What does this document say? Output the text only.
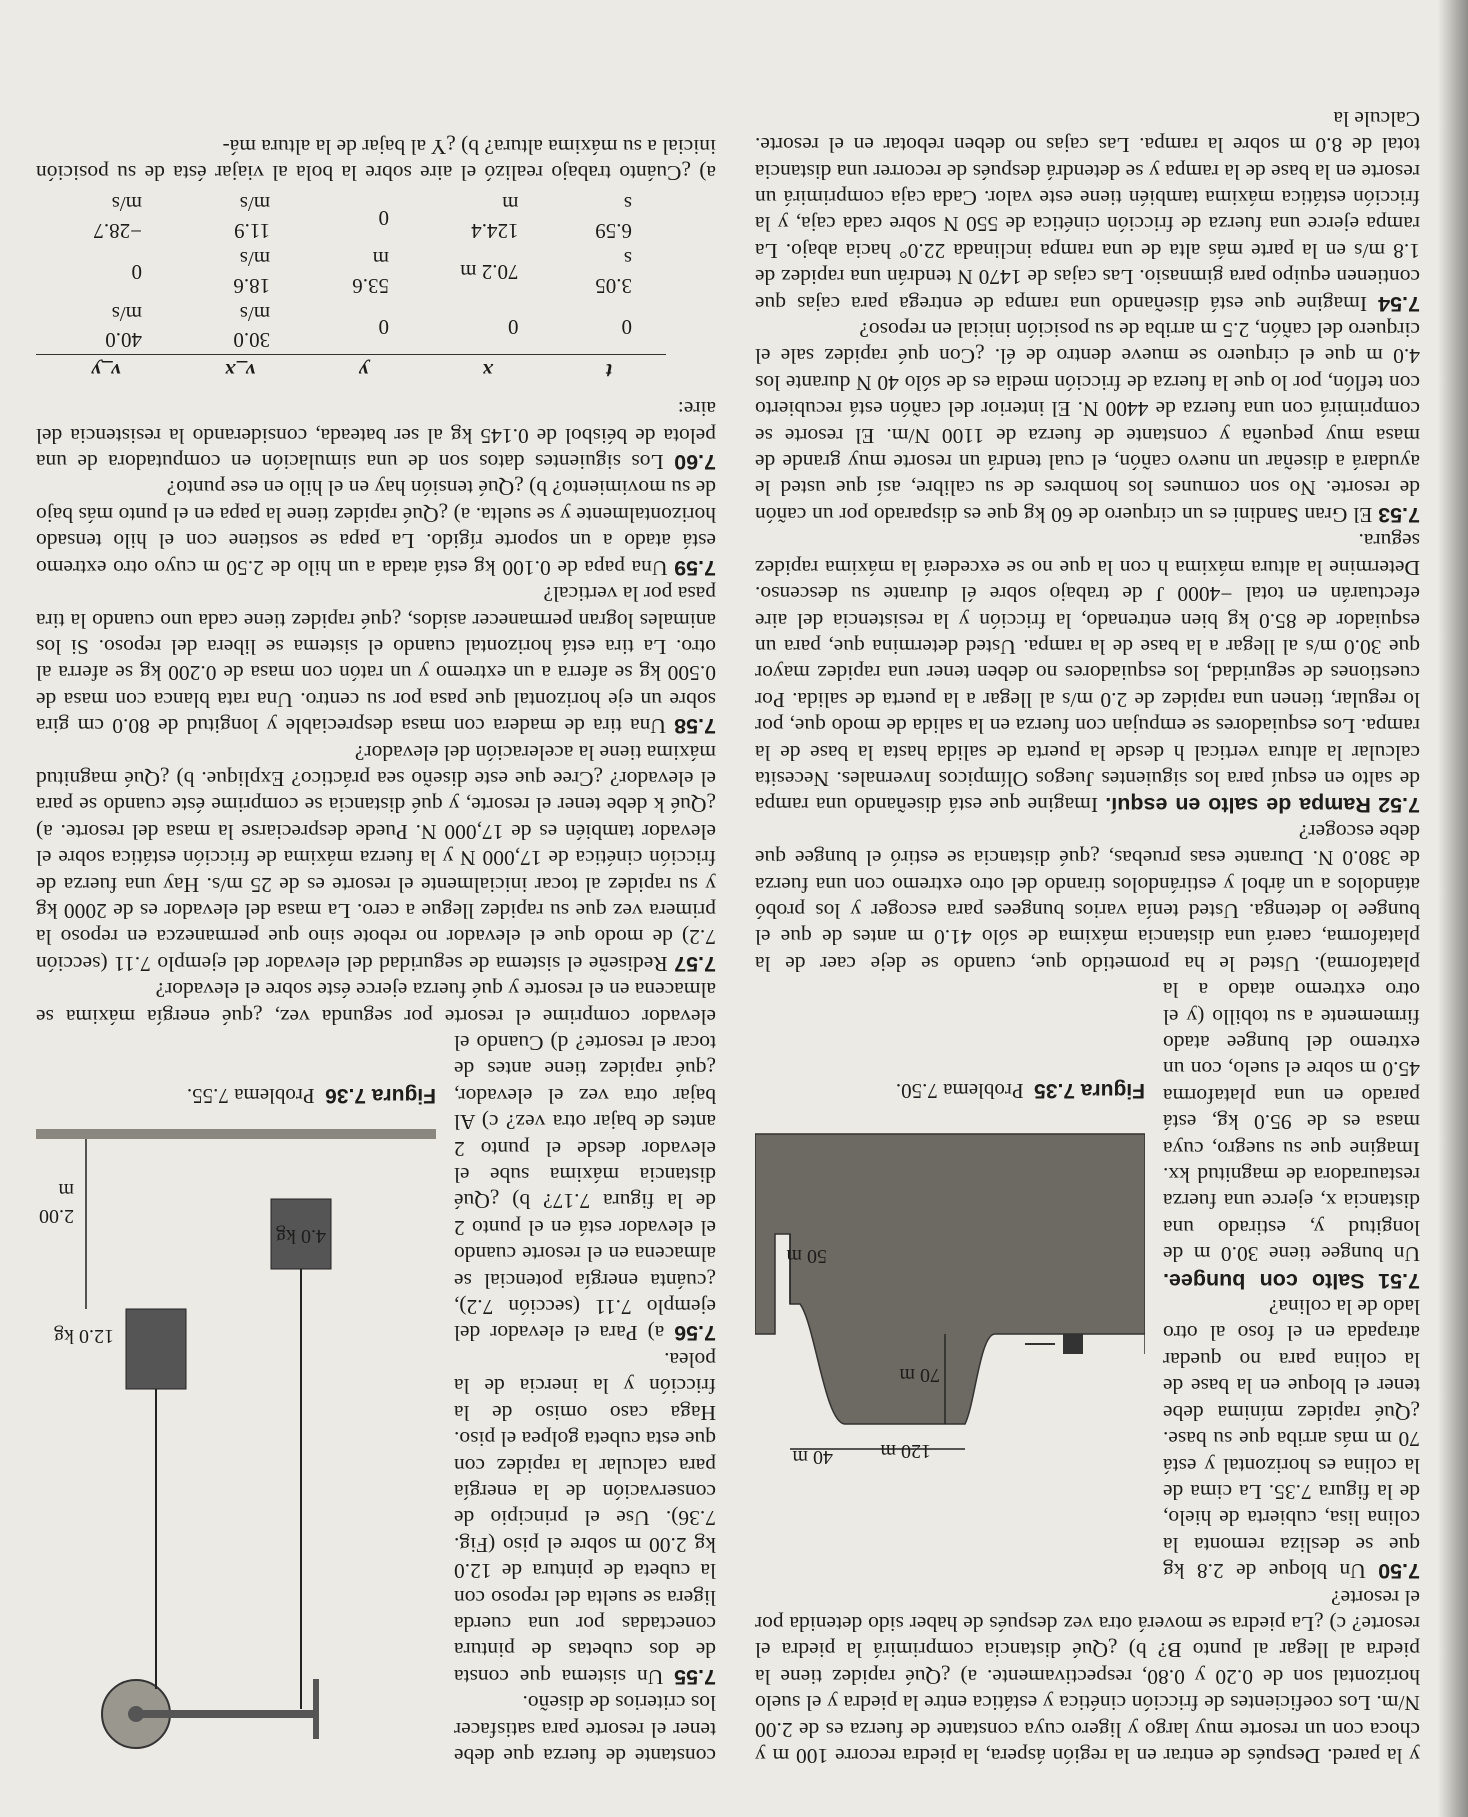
y la pared. Después de entrar en la región áspera, la piedra recorre 100 m y choca con un resorte muy largo y ligero cuya constante de fuerza es de 2.00 N/m. Los coeficientes de fricción cinética y estática entre la piedra y el suelo horizontal son de 0.20 y 0.80, respectivamente. a) ¿Qué rapidez tiene la piedra al llegar al punto B? b) ¿Qué distancia comprimirá la piedra el resorte? c) ¿La piedra se moverá otra vez después de haber sido detenida por el resorte?

70 m
50 m
120 m
40 m
Figura 7.35  Problema 7.50.

7.50 Un bloque de 2.8 kg que se desliza remonta la colina lisa, cubierta de hielo, de la figura 7.35. La cima de la colina es horizontal y está 70 m más arriba que su base. ¿Qué rapidez mínima debe tener el bloque en la base de la colina para no quedar atrapada en el foso al otro lado de la colina?

7.51 Salto con bungee. Un bungee tiene 30.0 m de longitud y, estirado una distancia x, ejerce una fuerza restauradora de magnitud kx. Imagine que su suegro, cuya masa es de 95.0 kg, está parado en una plataforma 45.0 m sobre el suelo, con un extremo del bungee atado firmemente a su tobillo (y el otro extremo atado a la plataforma). Usted le ha prometido que, cuando se deje caer de la plataforma, caerá una distancia máxima de sólo 41.0 m antes de que el bungee lo detenga. Usted tenía varios bungees para escoger y los probó atándolos a un árbol y estirándolos tirando del otro extremo con una fuerza de 380.0 N. Durante esas pruebas, ¿qué distancia se estiró el bungee que debe escoger?

7.52 Rampa de salto en esquí. Imagine que está diseñando una rampa de salto en esquí para los siguientes Juegos Olímpicos Invernales. Necesita calcular la altura vertical h desde la puerta de salida hasta la base de la rampa. Los esquiadores se empujan con fuerza en la salida de modo que, por lo regular, tienen una rapidez de 2.0 m/s al llegar a la puerta de salida. Por cuestiones de seguridad, los esquiadores no deben tener una rapidez mayor que 30.0 m/s al llegar a la base de la rampa. Usted determina que, para un esquiador de 85.0 kg bien entrenado, la fricción y la resistencia del aire efectuarán en total −4000 J de trabajo sobre él durante su descenso. Determine la altura máxima h con la que no se excederá la máxima rapidez segura.

7.53 El Gran Sandini es un cirquero de 60 kg que es disparado por un cañón de resorte. No son comunes los hombres de su calibre, así que usted le ayudará a diseñar un nuevo cañón, el cual tendrá un resorte muy grande de masa muy pequeña y constante de fuerza de 1100 N/m. El resorte se comprimirá con una fuerza de 4400 N. El interior del cañón está recubierto con teflón, por lo que la fuerza de fricción media es de sólo 40 N durante los 4.0 m que el cirquero se mueve dentro de él. ¿Con qué rapidez sale el cirquero del cañón, 2.5 m arriba de su posición inicial en reposo?

7.54 Imagine que está diseñando una rampa de entrega para cajas que contienen equipo para gimnasio. Las cajas de 1470 N tendrán una rapidez de 1.8 m/s en la parte más alta de una rampa inclinada 22.0° hacia abajo. La rampa ejerce una fuerza de fricción cinética de 550 N sobre cada caja, y la fricción estática máxima también tiene este valor. Cada caja comprimirá un resorte en la base de la rampa y se detendrá después de recorrer una distancia total de 8.0 m sobre la rampa. Las cajas no deben rebotar en el resorte. Calcule la

12.0 kg
4.0 kg
2.00 m
Figura 7.36  Problema 7.55.

constante de fuerza que debe tener el resorte para satisfacer los criterios de diseño.

7.55 Un sistema que consta de dos cubetas de pintura conectadas por una cuerda ligera se suelta del reposo con la cubeta de pintura de 12.0 kg 2.00 m sobre el piso (Fig. 7.36). Use el principio de conservación de la energía para calcular la rapidez con que esta cubeta golpea el piso. Haga caso omiso de la fricción y la inercia de la polea.

7.56 a) Para el elevador del ejemplo 7.11 (sección 7.2), ¿cuánta energía potencial se almacena en el resorte cuando el elevador está en el punto 2 de la figura 7.17? b) ¿Qué distancia máxima sube el elevador desde el punto 2 antes de bajar otra vez? c) Al bajar otra vez el elevador, ¿qué rapidez tiene antes de tocar el resorte? d) Cuando el elevador comprime el resorte por segunda vez, ¿qué energía máxima se almacena en el resorte y qué fuerza ejerce éste sobre el elevador?

7.57 Rediseñe el sistema de seguridad del elevador del ejemplo 7.11 (sección 7.2) de modo que el elevador no rebote sino que permanezca en reposo la primera vez que su rapidez llegue a cero. La masa del elevador es de 2000 kg y su rapidez al tocar inicialmente el resorte es de 25 m/s. Hay una fuerza de fricción cinética de 17,000 N y la fuerza máxima de fricción estática sobre el elevador también es de 17,000 N. Puede despreciarse la masa del resorte. a) ¿Qué k debe tener el resorte, y qué distancia se comprime éste cuando se para el elevador? ¿Cree que este diseño sea práctico? Explique. b) ¿Qué magnitud máxima tiene la aceleración del elevador?

7.58 Una tira de madera con masa despreciable y longitud de 80.0 cm gira sobre un eje horizontal que pasa por su centro. Una rata blanca con masa de 0.500 kg se aferra a un extremo y un ratón con masa de 0.200 kg se aferra al otro. La tira está horizontal cuando el sistema se libera del reposo. Si los animales logran permanecer asidos, ¿qué rapidez tiene cada uno cuando la tira pasa por la vertical?

7.59 Una papa de 0.100 kg está atada a un hilo de 2.50 m cuyo otro extremo está atado a un soporte rígido. La papa se sostiene con el hilo tensado horizontalmente y se suelta. a) ¿Qué rapidez tiene la papa en el punto más bajo de su movimiento? b) ¿Qué tensión hay en el hilo en ese punto?

7.60 Los siguientes datos son de una simulación en computadora de una pelota de béisbol de 0.145 kg al ser bateada, considerando la resistencia del aire:

t	x	y	v_x	v_y
0	0	0	30.0 m/s	40.0 m/s
3.05 s	70.2 m	53.6 m	18.6 m/s	0
6.59 s	124.4 m	0	11.9 m/s	−28.7 m/s

a) ¿Cuánto trabajo realizó el aire sobre la bola al viajar ésta de su posición inicial a su máxima altura? b) ¿Y al bajar de la altura má-
